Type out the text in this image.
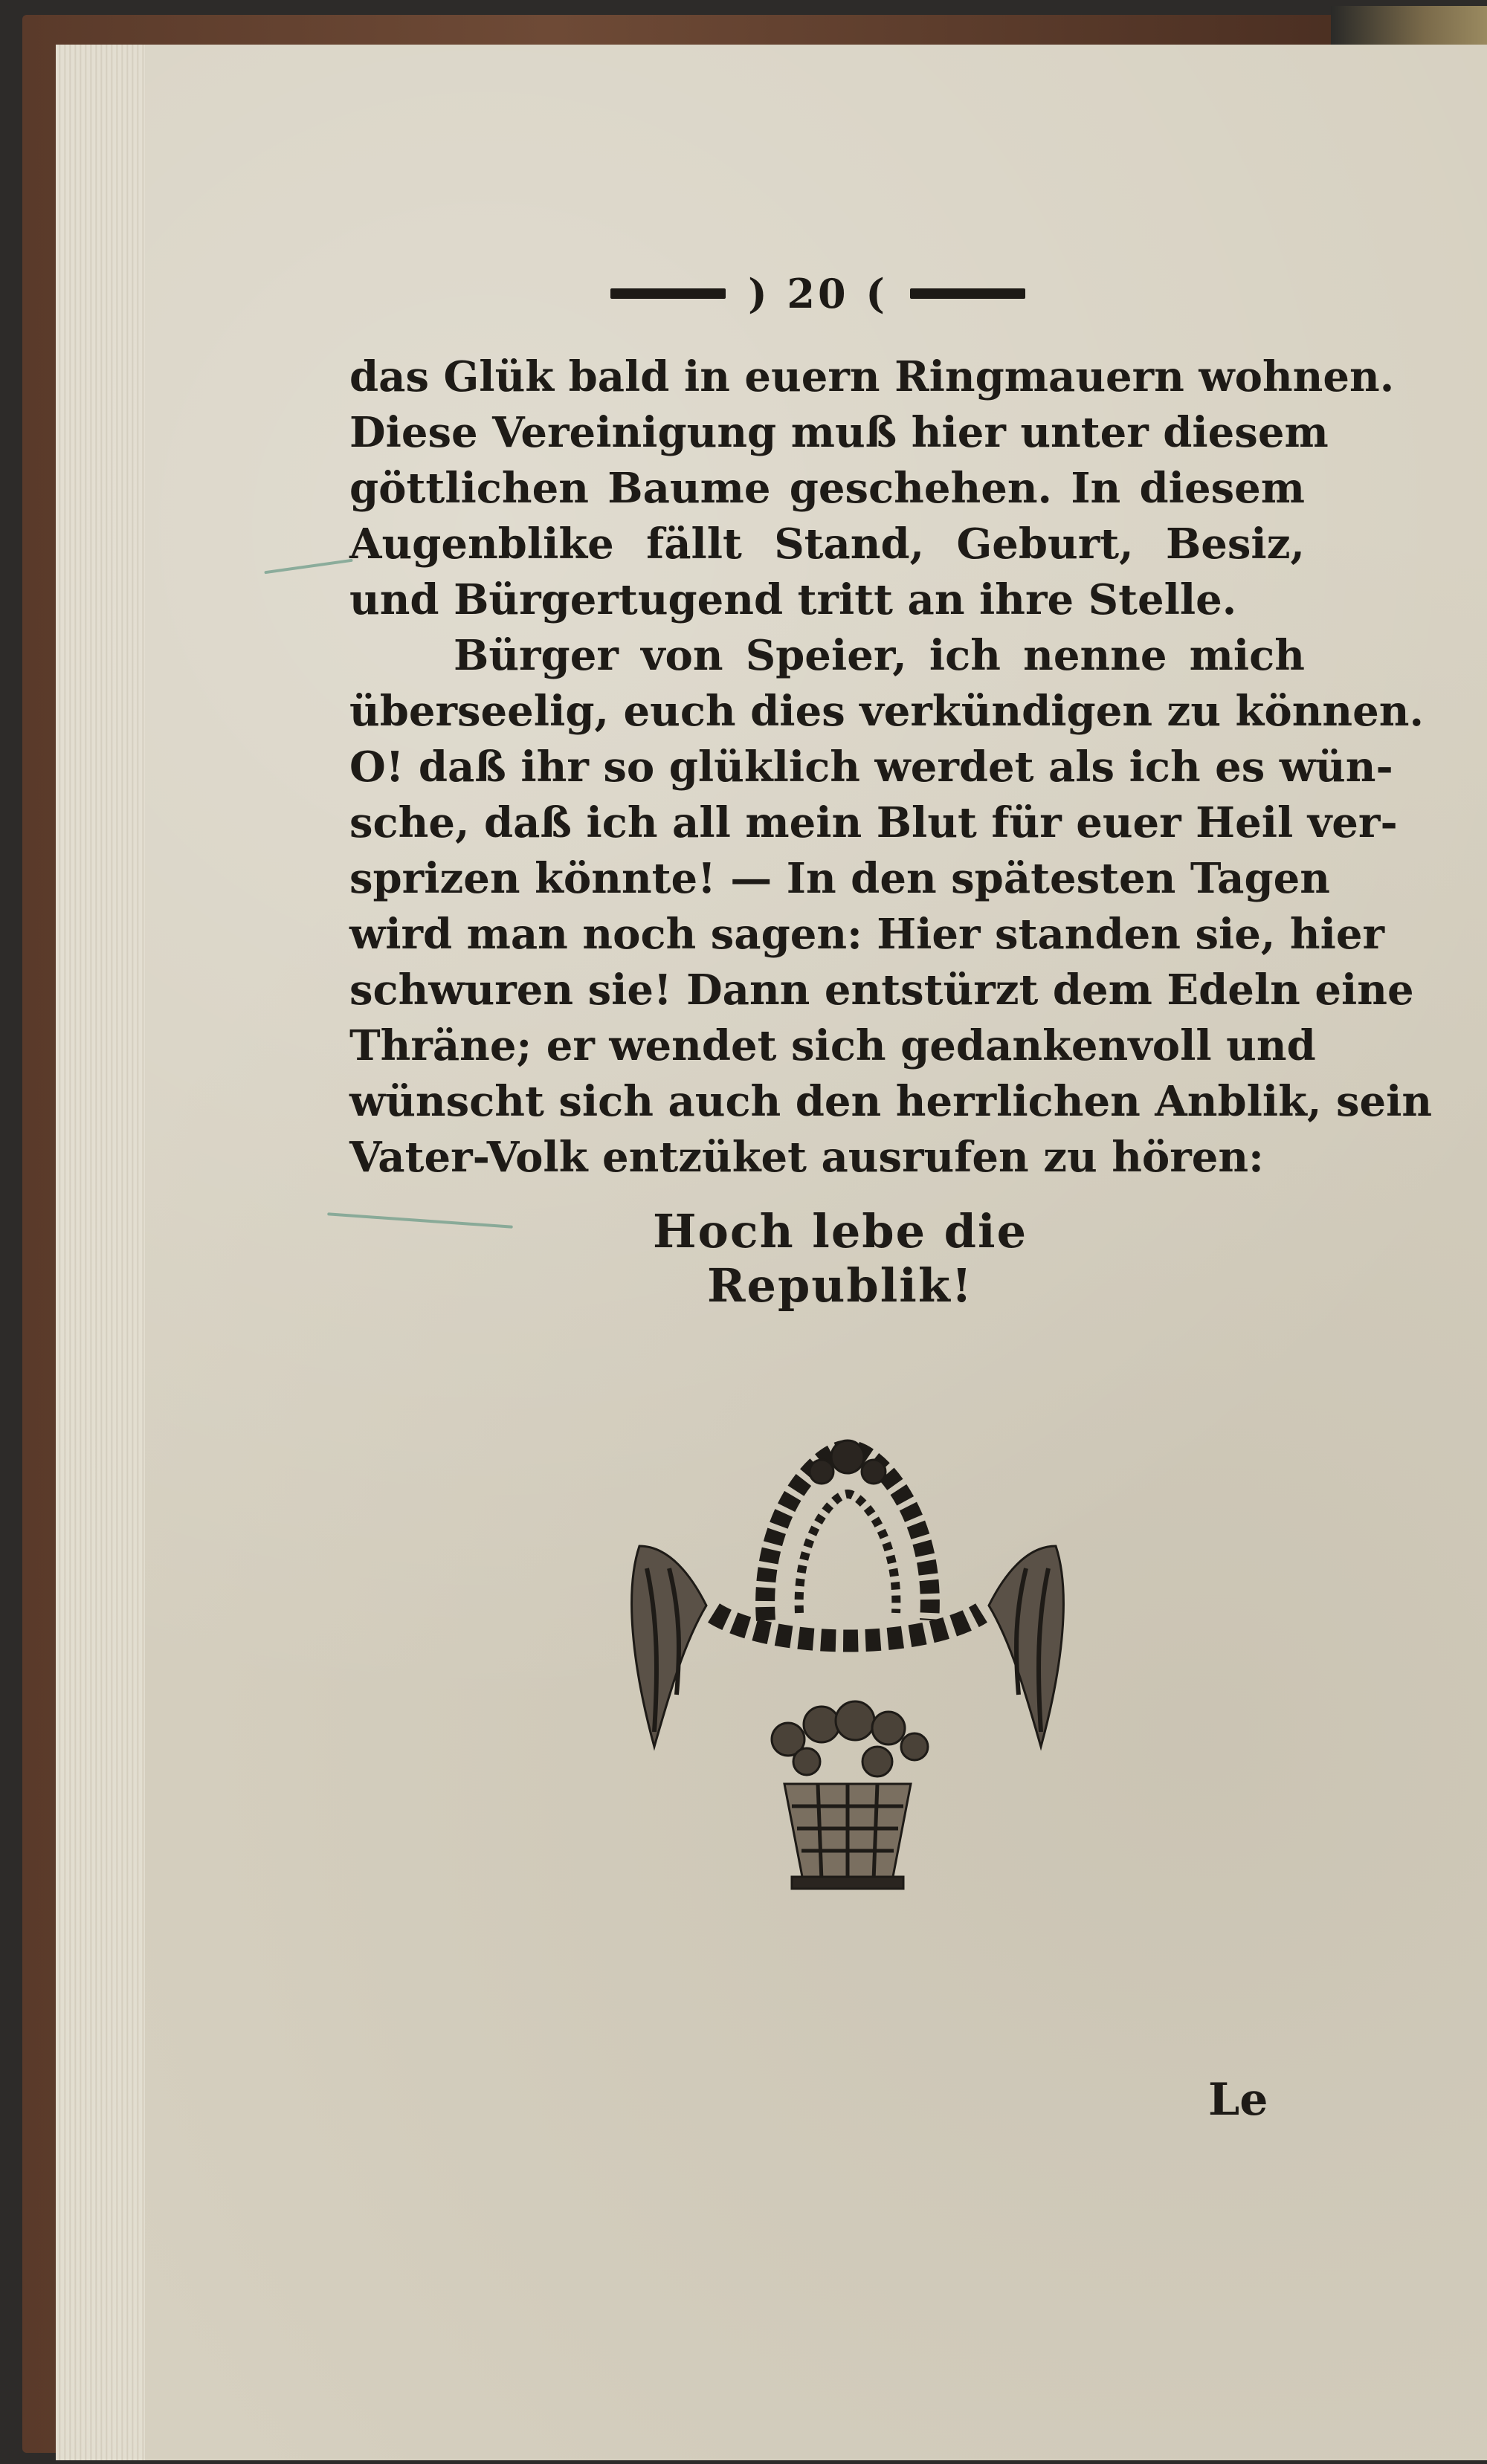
) 20 (
das Glük bald in euern Ringmauern wohnen.
Diese Vereinigung muß hier unter diesem
göttlichen Baume geschehen. In diesem
Augenblike fällt Stand, Geburt, Besiz,
und Bürgertugend tritt an ihre Stelle.
Bürger von Speier, ich nenne mich
überseelig, euch dies verkündigen zu können.
O! daß ihr so glüklich werdet als ich es wün-
sche, daß ich all mein Blut für euer Heil ver-
sprizen könnte! — In den spätesten Tagen
wird man noch sagen: Hier standen sie, hier
schwuren sie! Dann entstürzt dem Edeln eine
Thräne; er wendet sich gedankenvoll und
wünscht sich auch den herrlichen Anblik, sein
Vater-Volk entzüket ausrufen zu hören:
Hoch lebe die Republik!
Le
